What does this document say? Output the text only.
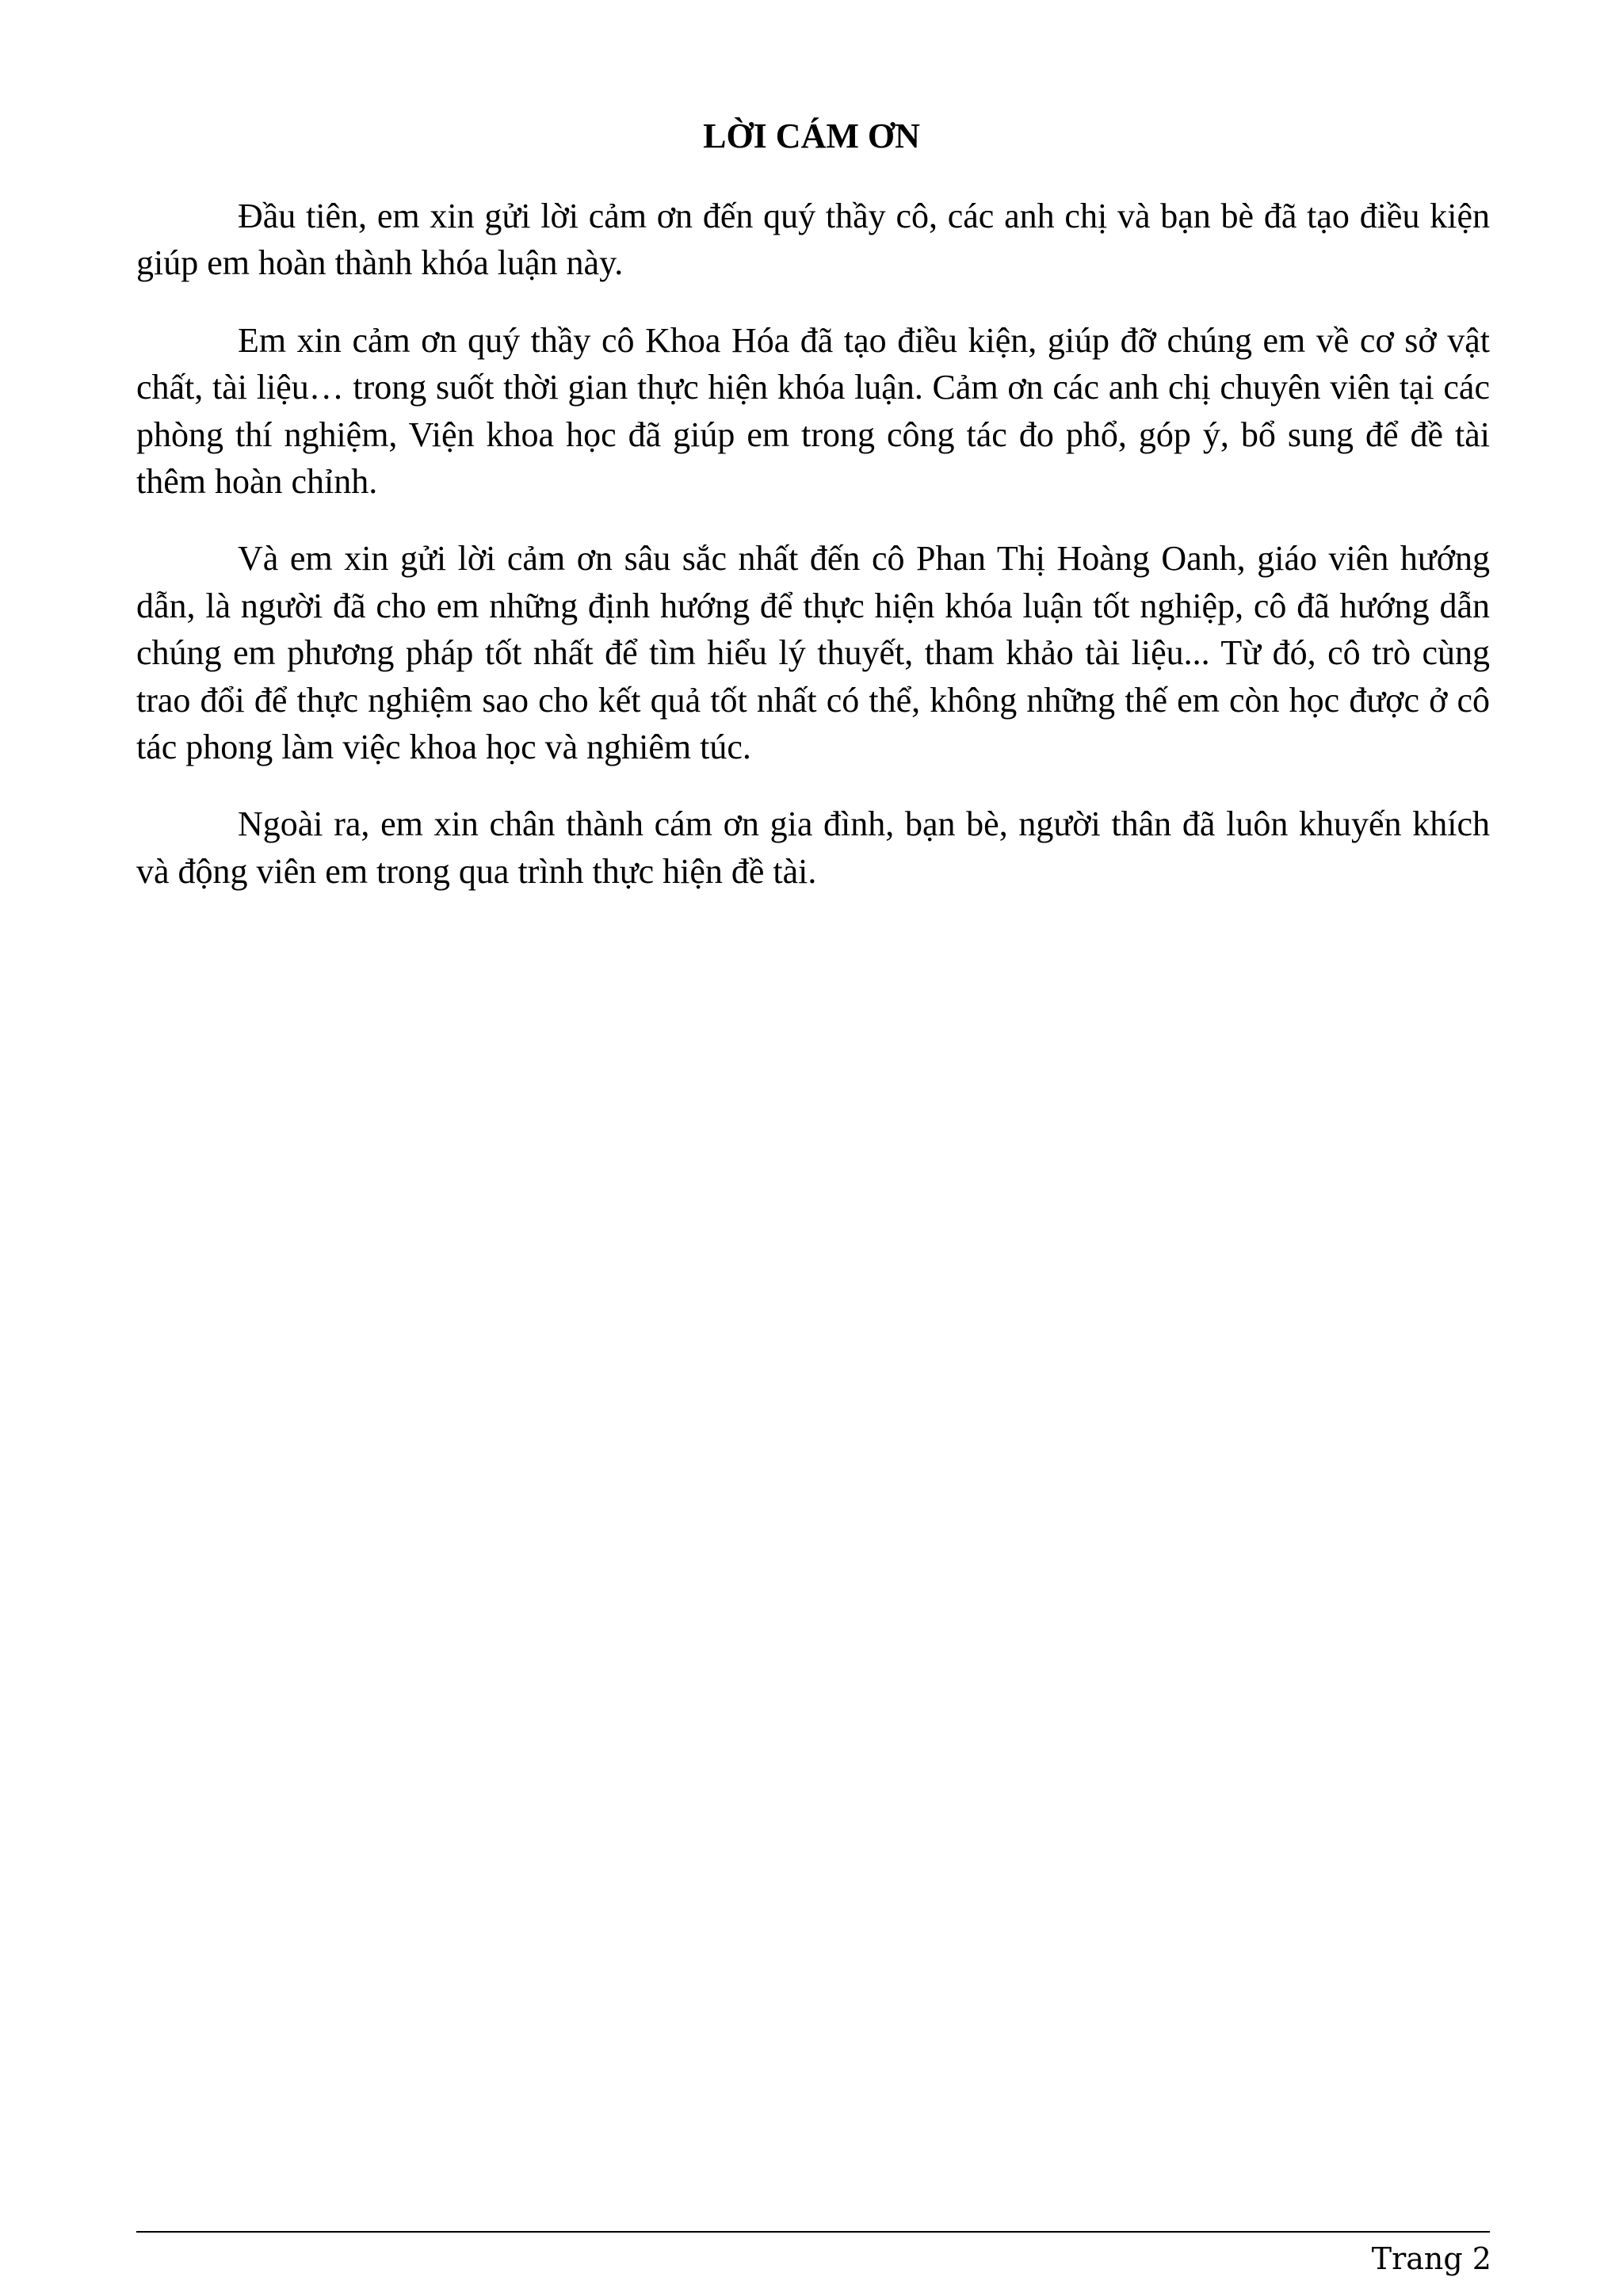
LỜI CÁM ƠN

Đầu tiên, em xin gửi lời cảm ơn đến quý thầy cô, các anh chị và bạn bè đã tạo điều kiện giúp em hoàn thành khóa luận này.

Em xin cảm ơn quý thầy cô Khoa Hóa đã tạo điều kiện, giúp đỡ chúng em về cơ sở vật chất, tài liệu… trong suốt thời gian thực hiện khóa luận. Cảm ơn các anh chị chuyên viên tại các phòng thí nghiệm, Viện khoa học đã giúp em trong công tác đo phổ, góp ý, bổ sung để đề tài thêm hoàn chỉnh.

Và em xin gửi lời cảm ơn sâu sắc nhất đến cô Phan Thị Hoàng Oanh, giáo viên hướng dẫn, là người đã cho em những định hướng để thực hiện khóa luận tốt nghiệp, cô đã hướng dẫn chúng em phương pháp tốt nhất để tìm hiểu lý thuyết, tham khảo tài liệu... Từ đó, cô trò cùng trao đổi để thực nghiệm sao cho kết quả tốt nhất có thể, không những thế em còn học được ở cô tác phong làm việc khoa học và nghiêm túc.

Ngoài ra, em xin chân thành cám ơn gia đình, bạn bè, người thân đã luôn khuyến khích và động viên em trong qua trình thực hiện đề tài.

Trang 2
